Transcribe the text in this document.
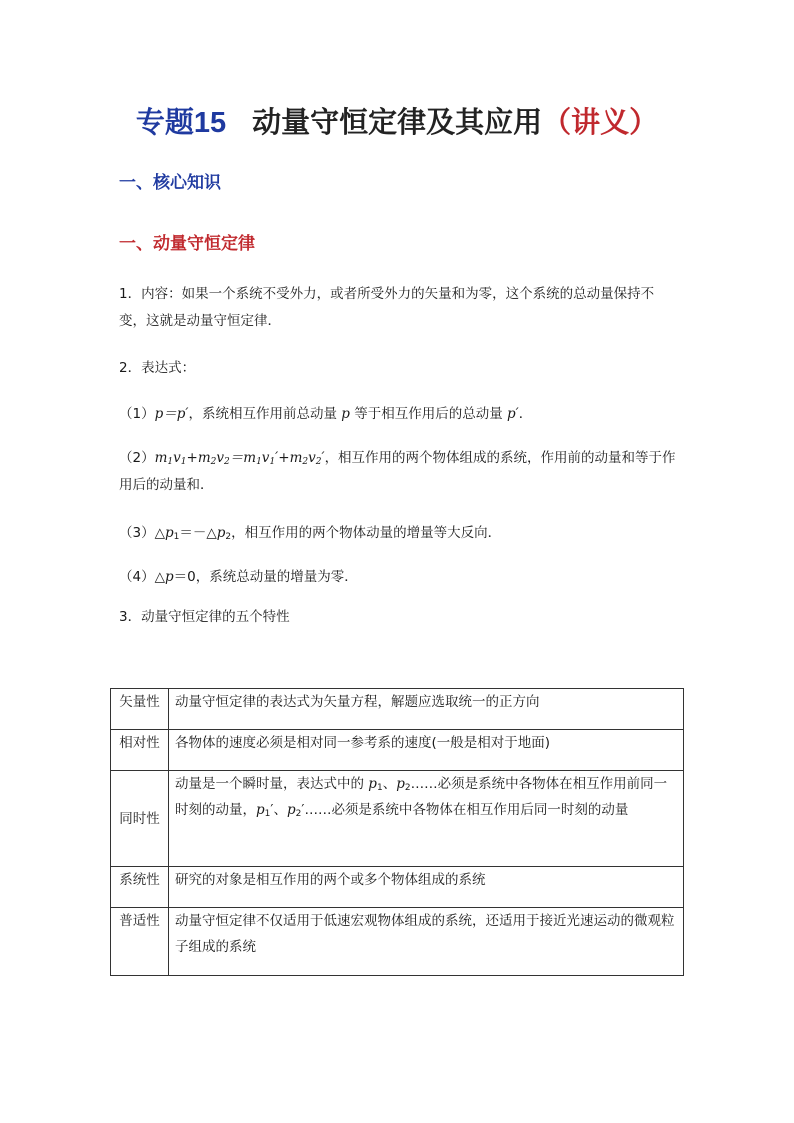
专题15 动量守恒定律及其应用（讲义）
一、核心知识
一、动量守恒定律
1．内容：如果一个系统不受外力，或者所受外力的矢量和为零，这个系统的总动量保持不变，这就是动量守恒定律．
2．表达式：
（1）p＝p′，系统相互作用前总动量 p 等于相互作用后的总动量 p′．
$(2)m_1v_1+m_2v_2=m_1v_1'+m_2v_2'$，相互作用的两个物体组成的系统，作用前的动量和等于作用后的动量和．
$(3)\triangle p_1=-\triangle p_2$，相互作用的两个物体动量的增量等大反向．
（4）△p＝0，系统总动量的增量为零．
3．动量守恒定律的五个特性
矢量性	动量守恒定律的表达式为矢量方程，解题应选取统一的正方向
相对性	各物体的速度必须是相对同一参考系的速度(一般是相对于地面)
同时性	动量是一个瞬时量，表达式中的 $p_1$、$p_2\dots\dots$必须是系统中各物体在相互作用前同一时刻的动量，$p_1'$、$p_2'\dots\dots$必须是系统中各物体在相互作用后同一时刻的动量
系统性	研究的对象是相互作用的两个或多个物体组成的系统
普适性	动量守恒定律不仅适用于低速宏观物体组成的系统，还适用于接近光速运动的微观粒子组成的系统
